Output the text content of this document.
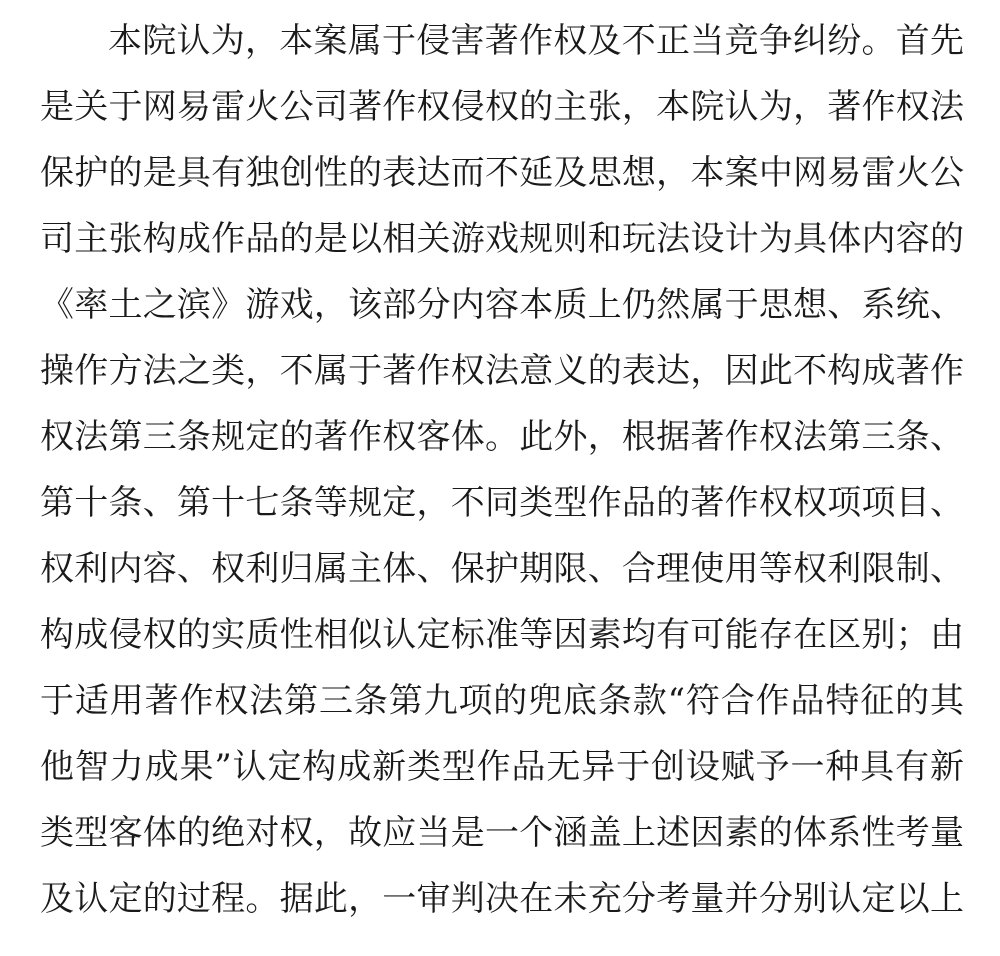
本院认为，本案属于侵害著作权及不正当竞争纠纷。首先
是关于网易雷火公司著作权侵权的主张，本院认为，著作权法
保护的是具有独创性的表达而不延及思想，本案中网易雷火公
司主张构成作品的是以相关游戏规则和玩法设计为具体内容的
《率土之滨》游戏，该部分内容本质上仍然属于思想、系统、
操作方法之类，不属于著作权法意义的表达，因此不构成著作
权法第三条规定的著作权客体。此外，根据著作权法第三条、
第十条、第十七条等规定，不同类型作品的著作权权项项目、
权利内容、权利归属主体、保护期限、合理使用等权利限制、
构成侵权的实质性相似认定标准等因素均有可能存在区别；由
于适用著作权法第三条第九项的兜底条款“符合作品特征的其
他智力成果”认定构成新类型作品无异于创设赋予一种具有新
类型客体的绝对权，故应当是一个涵盖上述因素的体系性考量
及认定的过程。据此，一审判决在未充分考量并分别认定以上
